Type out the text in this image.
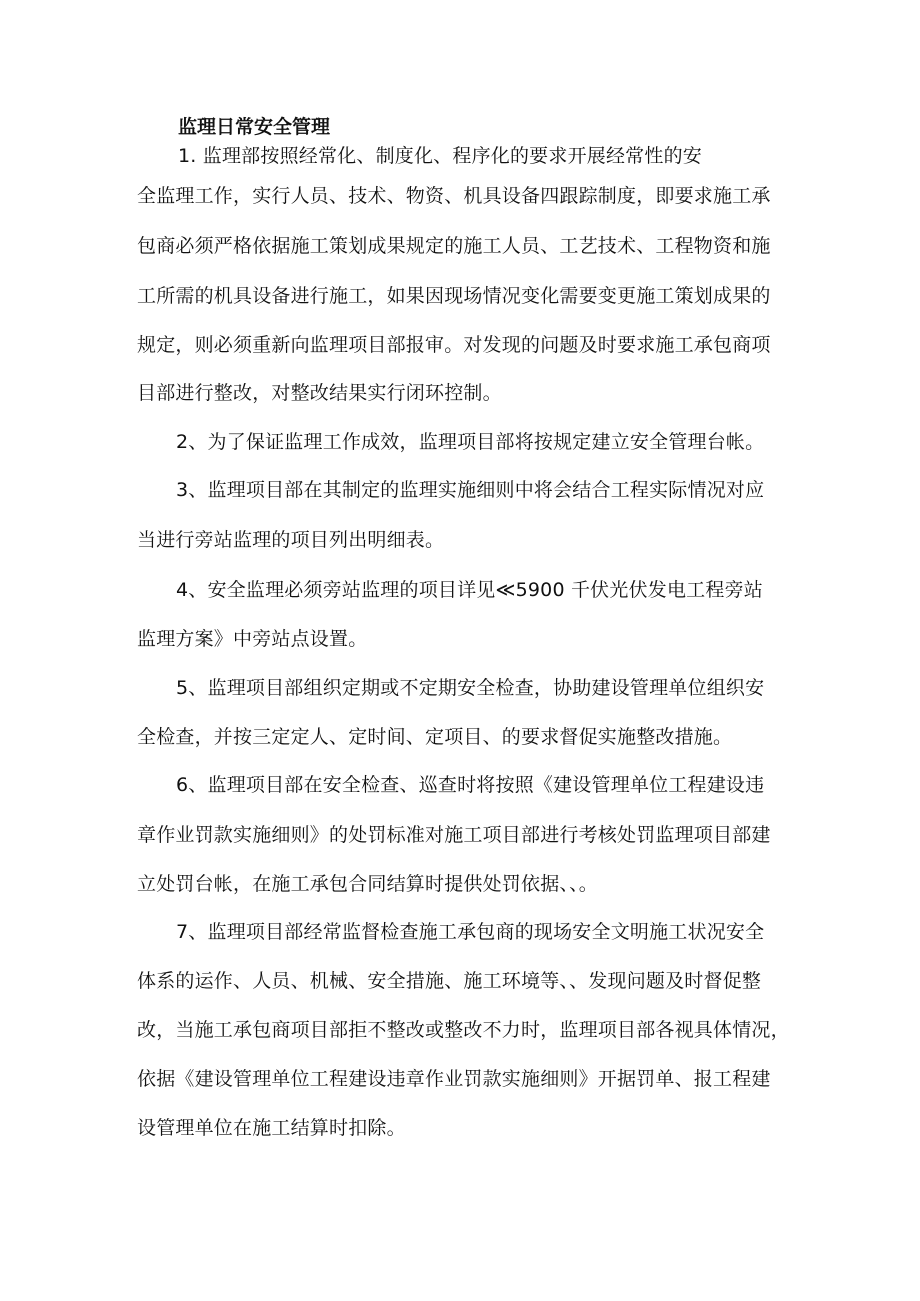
监理日常安全管理
1. 监理部按照经常化、制度化、程序化的要求开展经常性的安
全监理工作，实行人员、技术、物资、机具设备四跟踪制度，即要求施工承
包商必须严格依据施工策划成果规定的施工人员、工艺技术、工程物资和施
工所需的机具设备进行施工，如果因现场情况变化需要变更施工策划成果的
规定，则必须重新向监理项目部报审。对发现的问题及时要求施工承包商项
目部进行整改，对整改结果实行闭环控制。
2、为了保证监理工作成效，监理项目部将按规定建立安全管理台帐。
3、监理项目部在其制定的监理实施细则中将会结合工程实际情况对应
当进行旁站监理的项目列出明细表。
4、安全监理必须旁站监理的项目详见≪5900 千伏光伏发电工程旁站
监理方案》中旁站点设置。
5、监理项目部组织定期或不定期安全检查，协助建设管理单位组织安
全检查，并按三定定人、定时间、定项目、的要求督促实施整改措施。
6、监理项目部在安全检查、巡查时将按照《建设管理单位工程建设违
章作业罚款实施细则》的处罚标准对施工项目部进行考核处罚监理项目部建
立处罚台帐，在施工承包合同结算时提供处罚依据、、。
7、监理项目部经常监督检查施工承包商的现场安全文明施工状况安全
体系的运作、人员、机械、安全措施、施工环境等、、发现问题及时督促整
改，当施工承包商项目部拒不整改或整改不力时，监理项目部各视具体情况，
依据《建设管理单位工程建设违章作业罚款实施细则》开据罚单、报工程建
设管理单位在施工结算时扣除。
